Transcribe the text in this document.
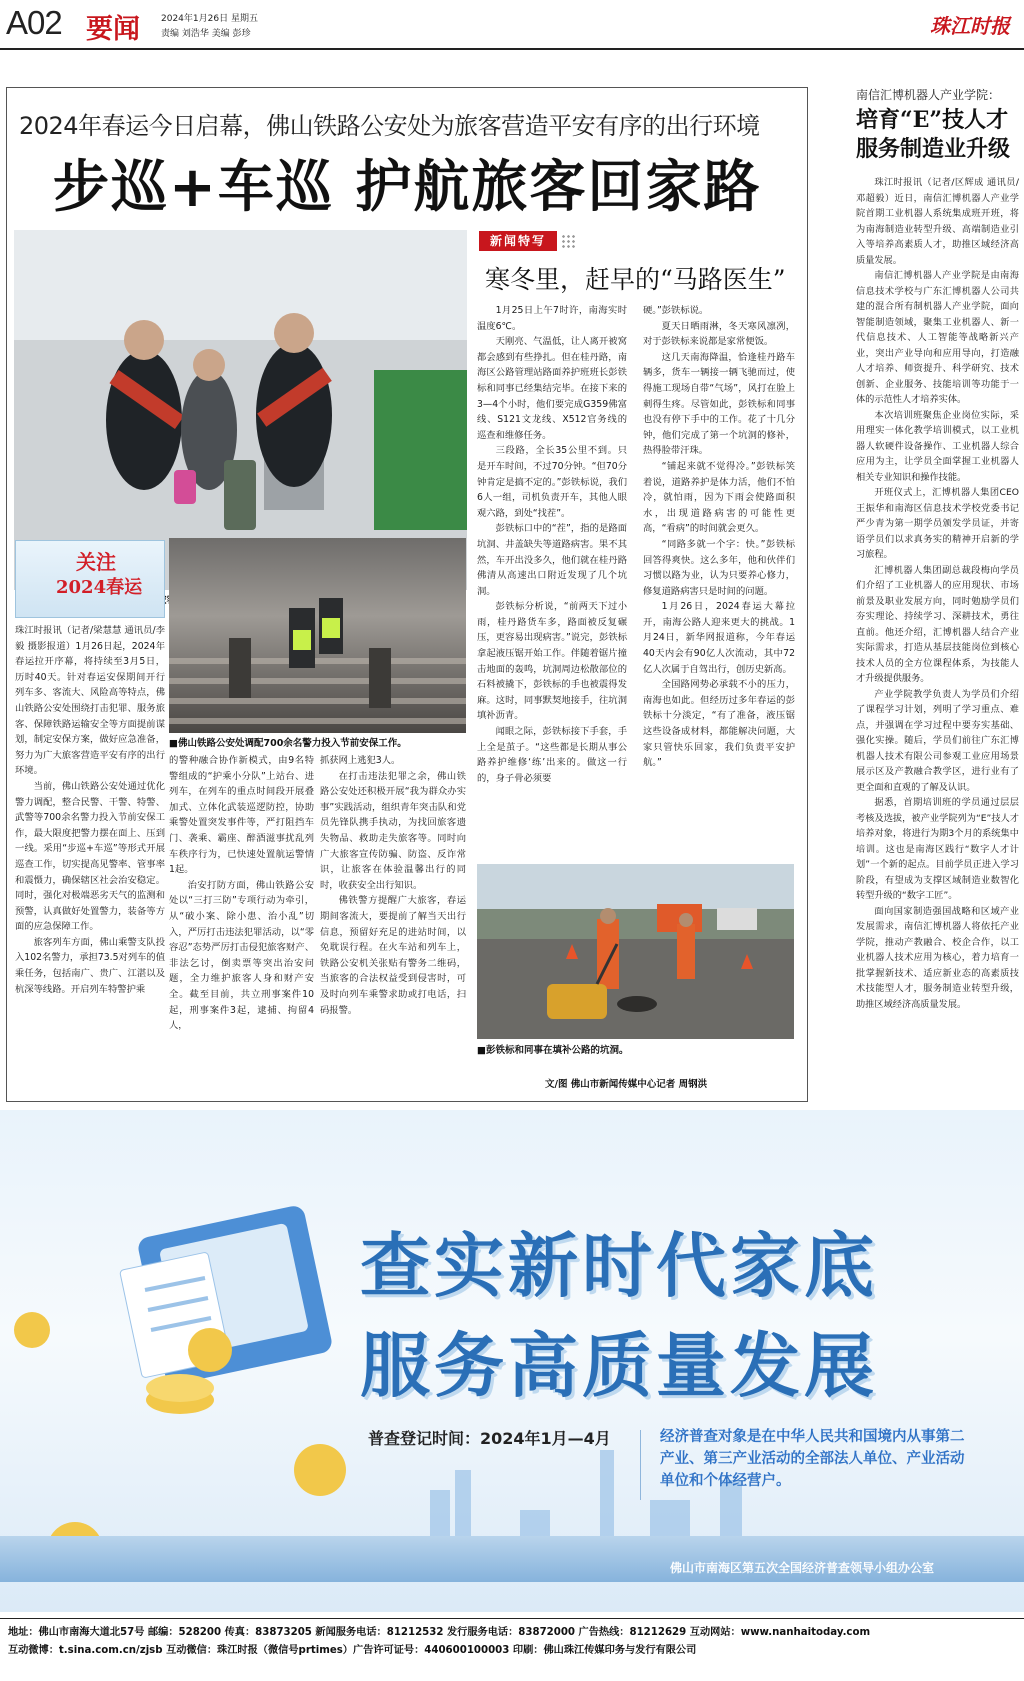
A02 要闻 2024年1月26日 星期五
责编 刘浩华 美编 彭珍	珠江时报
2024年春运今日启幕，佛山铁路公安处为旅客营造平安有序的出行环境
步巡+车巡 护航旅客回家路
关注
2024春运
■佛山铁路公安处调配700余名警力投入节前安保工作。

珠江时报讯（记者/梁慧慧 通讯员/李毅 摄影报道）1月26日起，2024年春运拉开序幕，将持续至3月5日，历时40天。针对春运安保期间开行列车多、客流大、风险高等特点，佛山铁路公安处围绕打击犯罪、服务旅客、保障铁路运输安全等方面提前谋划，制定安保方案，做好应急准备，努力为广大旅客营造平安有序的出行环境。

当前，佛山铁路公安处通过优化警力调配，整合民警、干警、特警、武警等700余名警力投入节前安保工作，最大限度把警力摆在面上、压到一线。采用“步巡+车巡”等形式开展巡查工作，切实提高见警率、管事率和震慑力，确保辖区社会治安稳定。同时，强化对极端恶劣天气的监测和预警，认真做好处置警力，装备等方面的应急保障工作。

旅客列车方面，佛山乘警支队投入102名警力，承担73.5对列车的值乘任务，包括南广、贵广、江湛以及杭深等线路。开启列车特警护乘

的警种融合协作新模式，由9名特警组成的“护乘小分队”上站台、进列车，在列车的重点时间段开展叠加式、立体化武装巡逻防控，协助乘警处置突发事件等，严打阻挡车门、袭乘、霸座、醉酒滋事扰乱列车秩序行为，已快速处置航运警情1起。

治安打防方面，佛山铁路公安处以“三打三防”专项行动为牵引，从“破小案、除小患、治小乱”切入，严厉打击违法犯罪活动，以“零容忍”态势严厉打击侵犯旅客财产、非法乞讨，倒卖票等突出治安问题，全力维护旅客人身和财产安全。截至目前，共立刑事案件10起，刑事案件3起，逮捕、拘留4人，

抓获网上逃犯3人。

在打击违法犯罪之余，佛山铁路公安处还积极开展“我为群众办实事”实践活动，组织青年突击队和党员先锋队携手执动，为找回旅客遗失物品、救助走失旅客等。同时向广大旅客宣传防骗、防盗、反诈常识，让旅客在体验温馨出行的同时，收获安全出行知识。

佛铁警方提醒广大旅客，春运期间客流大，要提前了解当天出行信息，预留好充足的进站时间，以免耽误行程。在火车站和列车上，铁路公安机关张贴有警务二维码，当旅客的合法权益受到侵害时，可及时向列车乘警求助或打电话，扫码报警。

新闻特写
寒冬里，赶早的“马路医生”

1月25日上午7时许，南海实时温度6℃。

天刚亮、气温低，让人离开被窝都会感到有些挣扎。但在桂丹路，南海区公路管理站路面养护班班长彭铁标和同事已经集结完毕。在接下来的3—4个小时，他们要完成G359佛富线、S121文龙线、X512官务线的巡查和维修任务。

三段路，全长35公里不到。只是开车时间，不过70分钟。“但70分钟肯定是搞不定的。”彭铁标说，我们6人一组，司机负责开车，其他人眼观六路，到处“找茬”。

彭铁标口中的“茬”，指的是路面坑洞、井盖缺失等道路病害。果不其然，车开出没多久，他们就在桂丹路佛清从高速出口附近发现了几个坑洞。

彭铁标分析说，“前两天下过小雨，桂丹路货车多，路面被反复碾压，更容易出现病害。”说完，彭铁标拿起液压锯开始工作。伴随着锯片撞击地面的轰鸣，坑洞周边松散部位的石料被撬下，彭铁标的手也被震得发麻。这时，同事默契地接手，往坑洞填补沥青。

闻眼之际，彭铁标接下手套，手上全是茧子。“这些都是长期从事公路养护维修‘练’出来的。做这一行的，身子骨必须要

硬。”彭铁标说。

夏天日晒雨淋，冬天寒风凛冽，对于彭铁标来说都是家常便饭。

这几天南海降温，恰逢桂丹路车辆多，货车一辆接一辆飞驰而过，使得施工现场自带“气场”，风打在脸上刺得生疼。尽管如此，彭铁标和同事也没有停下手中的工作。花了十几分钟，他们完成了第一个坑洞的修补，热得脸带汗珠。

“铺起来就不觉得冷。”彭铁标笑着说，道路养护是体力活，他们不怕冷，就怕雨，因为下雨会使路面积水，出现道路病害的可能性更高，“看病”的时间就会更久。

“同路多就一个字：快。”彭铁标回答得爽快。这么多年，他和伙伴们习惯以路为业，认为只要养心修力，修复道路病害只是时间的问题。

1月26日，2024春运大幕拉开，南海公路人迎来更大的挑战。1月24日，新华网报道称，今年春运40天内会有90亿人次流动，其中72亿人次属于自驾出行，创历史新高。

全国路网势必承载不小的压力，南海也如此。但经历过多年春运的彭铁标十分淡定，“有了准备，液压锯这些设备成材料，都能解决问题，大家只管快乐回家，我们负责平安护航。”

■彭铁标和同事在填补公路的坑洞。
文/图 佛山市新闻传媒中心记者 周钢洪
南信汇博机器人产业学院：
培育“E”技人才
服务制造业升级

珠江时报讯（记者/区辉成 通讯员/邓超毅）近日，南信汇博机器人产业学院首期工业机器人系统集成班开班，将为南海制造业转型升级、高端制造业引入等培养高素质人才，助推区域经济高质量发展。

南信汇博机器人产业学院是由南海信息技术学校与广东汇博机器人公司共建的混合所有制机器人产业学院，面向智能制造领域，聚集工业机器人、新一代信息技术、人工智能等战略新兴产业，突出产业导向和应用导向，打造融人才培养、师资提升、科学研究、技术创新、企业服务、技能培训等功能于一体的示范性人才培养实体。

本次培训班聚焦企业岗位实际，采用理实一体化教学培训模式，以工业机器人软硬件设备操作、工业机器人综合应用为主，让学员全面掌握工业机器人相关专业知识和操作技能。

开班仪式上，汇博机器人集团CEO王振华和南海区信息技术学校党委书记严少青为第一期学员颁发学员证，并寄语学员们以求真务实的精神开启新的学习旅程。

汇博机器人集团副总裁段梅向学员们介绍了工业机器人的应用现状、市场前景及职业发展方向，同时勉励学员们夯实理论、持续学习、深耕技术，勇往直前。他还介绍，汇博机器人结合产业实际需求，打造从基层技能岗位到核心技术人员的全方位课程体系，为技能人才升级提供服务。

产业学院教学负责人为学员们介绍了课程学习计划，列明了学习重点、难点，并强调在学习过程中要夯实基础、强化实操。随后，学员们前往广东汇博机器人技术有限公司参观工业应用场景展示区及产教融合教学区，进行业有了更全面和直观的了解及认识。

据悉，首期培训班的学员通过层层考核及选拔，被产业学院列为“E”技人才培养对象，将进行为期3个月的系统集中培训。这也是南海区践行“数字人才计划”一个新的起点。目前学员正进入学习阶段，有望成为支撑区域制造业数智化转型升级的“数字工匠”。

面向国家制造强国战略和区域产业发展需求，南信汇博机器人将依托产业学院，推动产教融合、校企合作，以工业机器人技术应用为核心，着力培育一批掌握新技术、适应新业态的高素质技术技能型人才，服务制造业转型升级，助推区域经济高质量发展。

查实新时代家底
服务高质量发展
普查登记时间：2024年1月—4月	经济普查对象是在中华人民共和国境内从事第二产业、第三产业活动的全部法人单位、产业活动单位和个体经营户。
佛山市南海区第五次全国经济普查领导小组办公室
地址：佛山市南海大道北57号 邮编：528200 传真：83873205 新闻服务电话：81212532 发行服务电话：83872000 广告热线：81212629 互动网站：www.nanhaitoday.com
互动微博：t.sina.com.cn/zjsb 互动微信：珠江时报（微信号prtimes）广告许可证号：440600100003 印刷：佛山珠江传媒印务与发行有限公司
